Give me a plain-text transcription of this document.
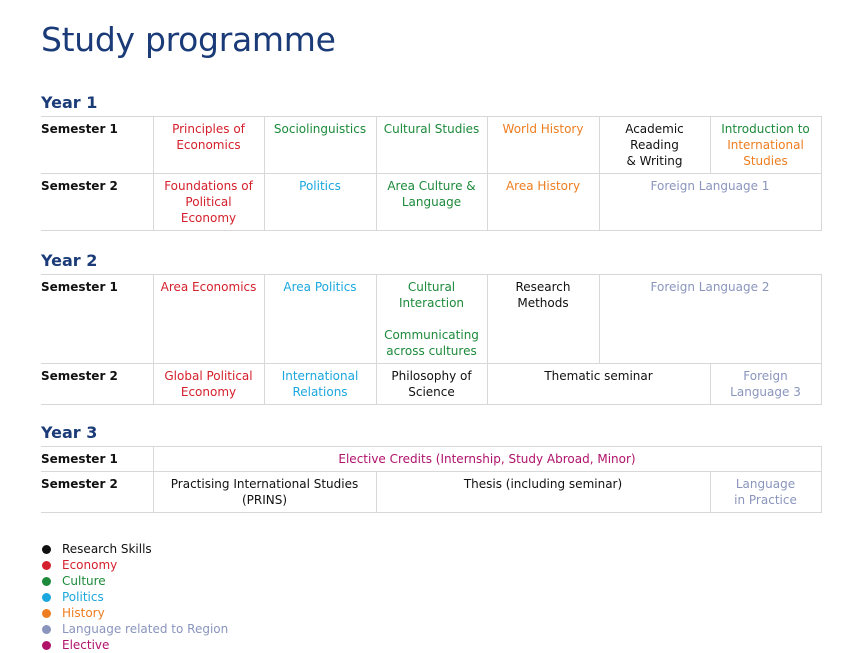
Study programme
Year 1
Semester 1	Principles of Economics	Sociolinguistics	Cultural Studies	World History	Academic
Reading
& Writing	Introduction to International Studies
Semester 2	Foundations of Political Economy	Politics	Area Culture & Language	Area History	Foreign Language 1	
Year 2
Semester 1	Area Economics	Area Politics	Cultural Interaction
Communicating across cultures	Research Methods	Foreign Language 2	
Semester 2	Global Political Economy	International Relations	Philosophy of Science	Thematic seminar		Foreign Language 3
Year 3
Semester 1	Elective Credits (Internship, Study Abroad, Minor)		
Semester 2	Practising International Studies (PRINS)	Thesis (including seminar)	Language
in Practice
Research Skills
Economy
Culture
Politics
History
Language related to Region
Elective
